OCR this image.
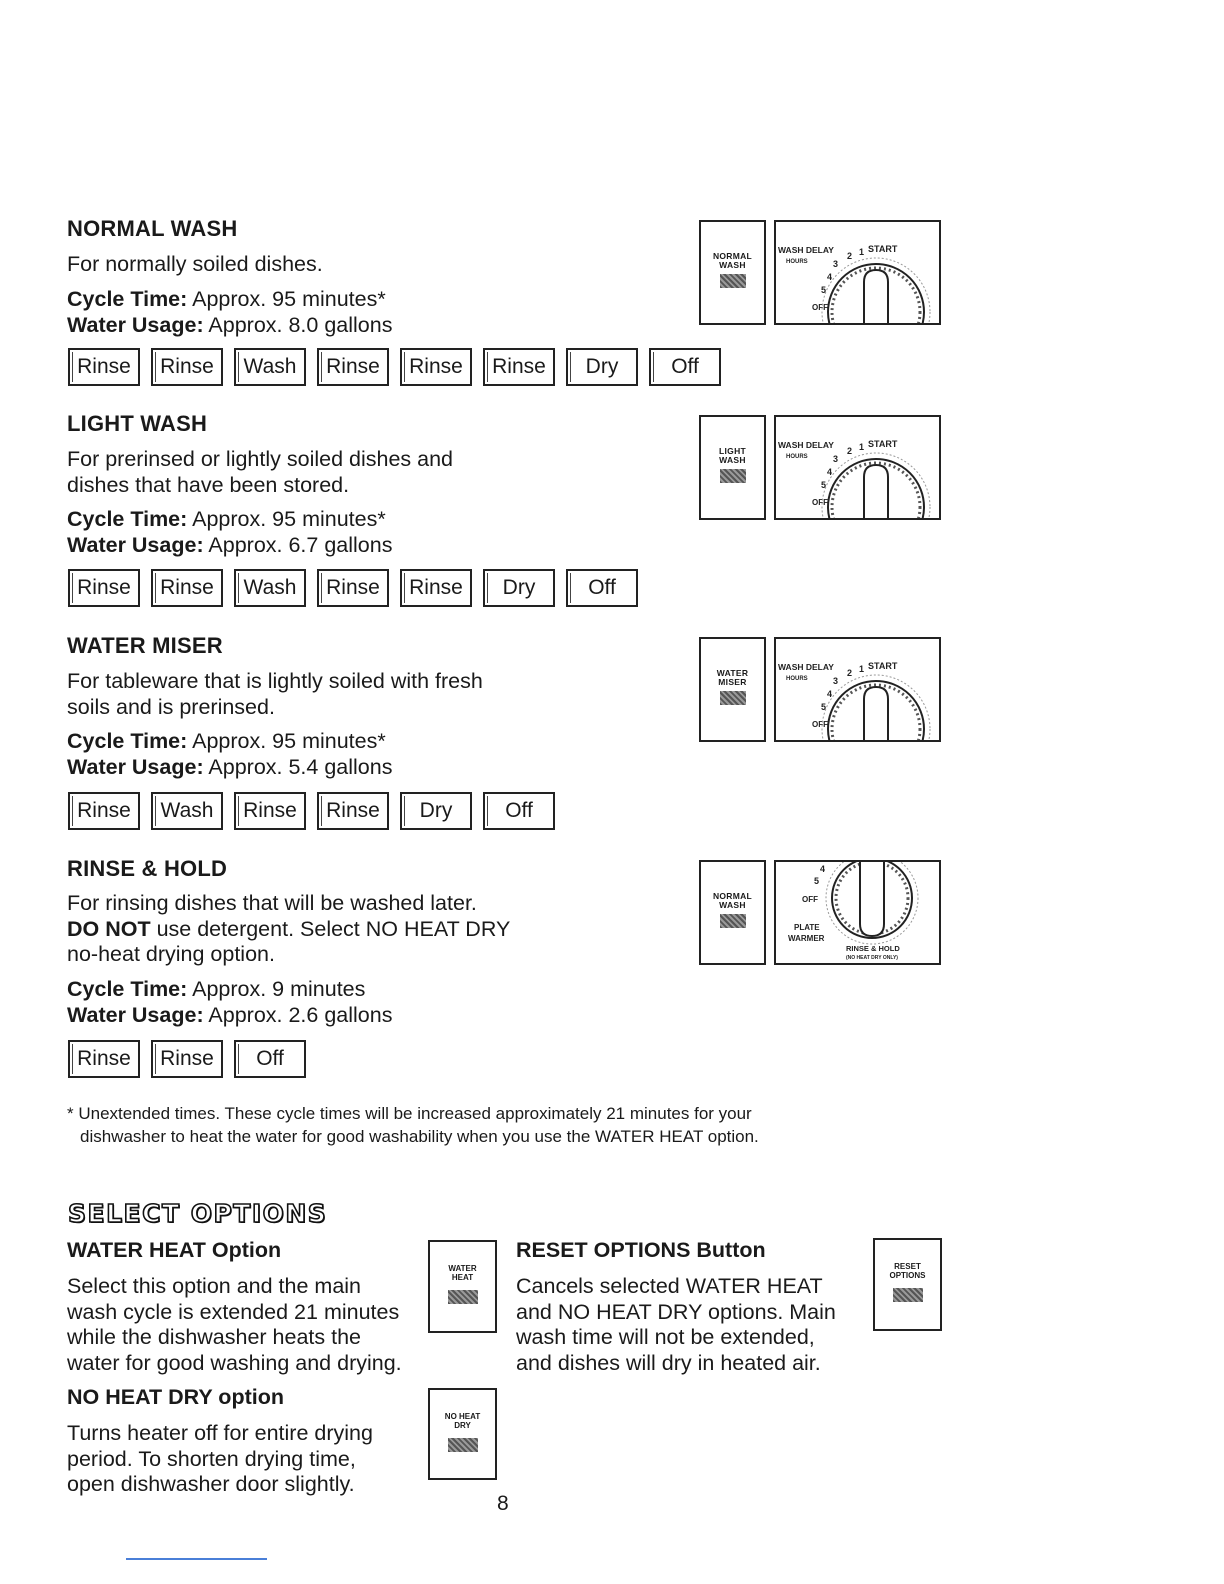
NORMAL WASH
For normally soiled dishes.
Cycle Time: Approx. 95 minutes*
Water Usage: Approx. 8.0 gallons
Rinse	Rinse	Wash	Rinse	Rinse	Rinse	Dry	Off
NORMAL
WASH
WASH DELAY
HOURS
2 1 START
3
4
5
OFF
LIGHT WASH
For prerinsed or lightly soiled dishes and
dishes that have been stored.
Cycle Time: Approx. 95 minutes*
Water Usage: Approx. 6.7 gallons
Rinse	Rinse	Wash	Rinse	Rinse	Dry	Off
LIGHT
WASH
WASH DELAY
HOURS
2 1 START
3
4
5
OFF
WATER MISER
For tableware that is lightly soiled with fresh
soils and is prerinsed.
Cycle Time: Approx. 95 minutes*
Water Usage: Approx. 5.4 gallons
Rinse	Wash	Rinse	Rinse	Dry	Off
WATER
MISER
WASH DELAY
HOURS
2 1 START
3
4
5
OFF
RINSE & HOLD
For rinsing dishes that will be washed later.
DO NOT use detergent. Select NO HEAT DRY
no-heat drying option.
Cycle Time: Approx. 9 minutes
Water Usage: Approx. 2.6 gallons
Rinse	Rinse	Off
NORMAL
WASH
4
5
OFF
PLATE
WARMER
RINSE & HOLD
(NO HEAT DRY ONLY)
* Unextended times. These cycle times will be increased approximately 21 minutes for your
dishwasher to heat the water for good washability when you use the WATER HEAT option.
SELECT OPTIONS
WATER HEAT Option
Select this option and the main
wash cycle is extended 21 minutes
while the dishwasher heats the
water for good washing and drying.
WATER
HEAT
NO HEAT DRY option
Turns heater off for entire drying
period. To shorten drying time,
open dishwasher door slightly.
NO HEAT
DRY
RESET OPTIONS Button
Cancels selected WATER HEAT
and NO HEAT DRY options. Main
wash time will not be extended,
and dishes will dry in heated air.
RESET
OPTIONS
8
